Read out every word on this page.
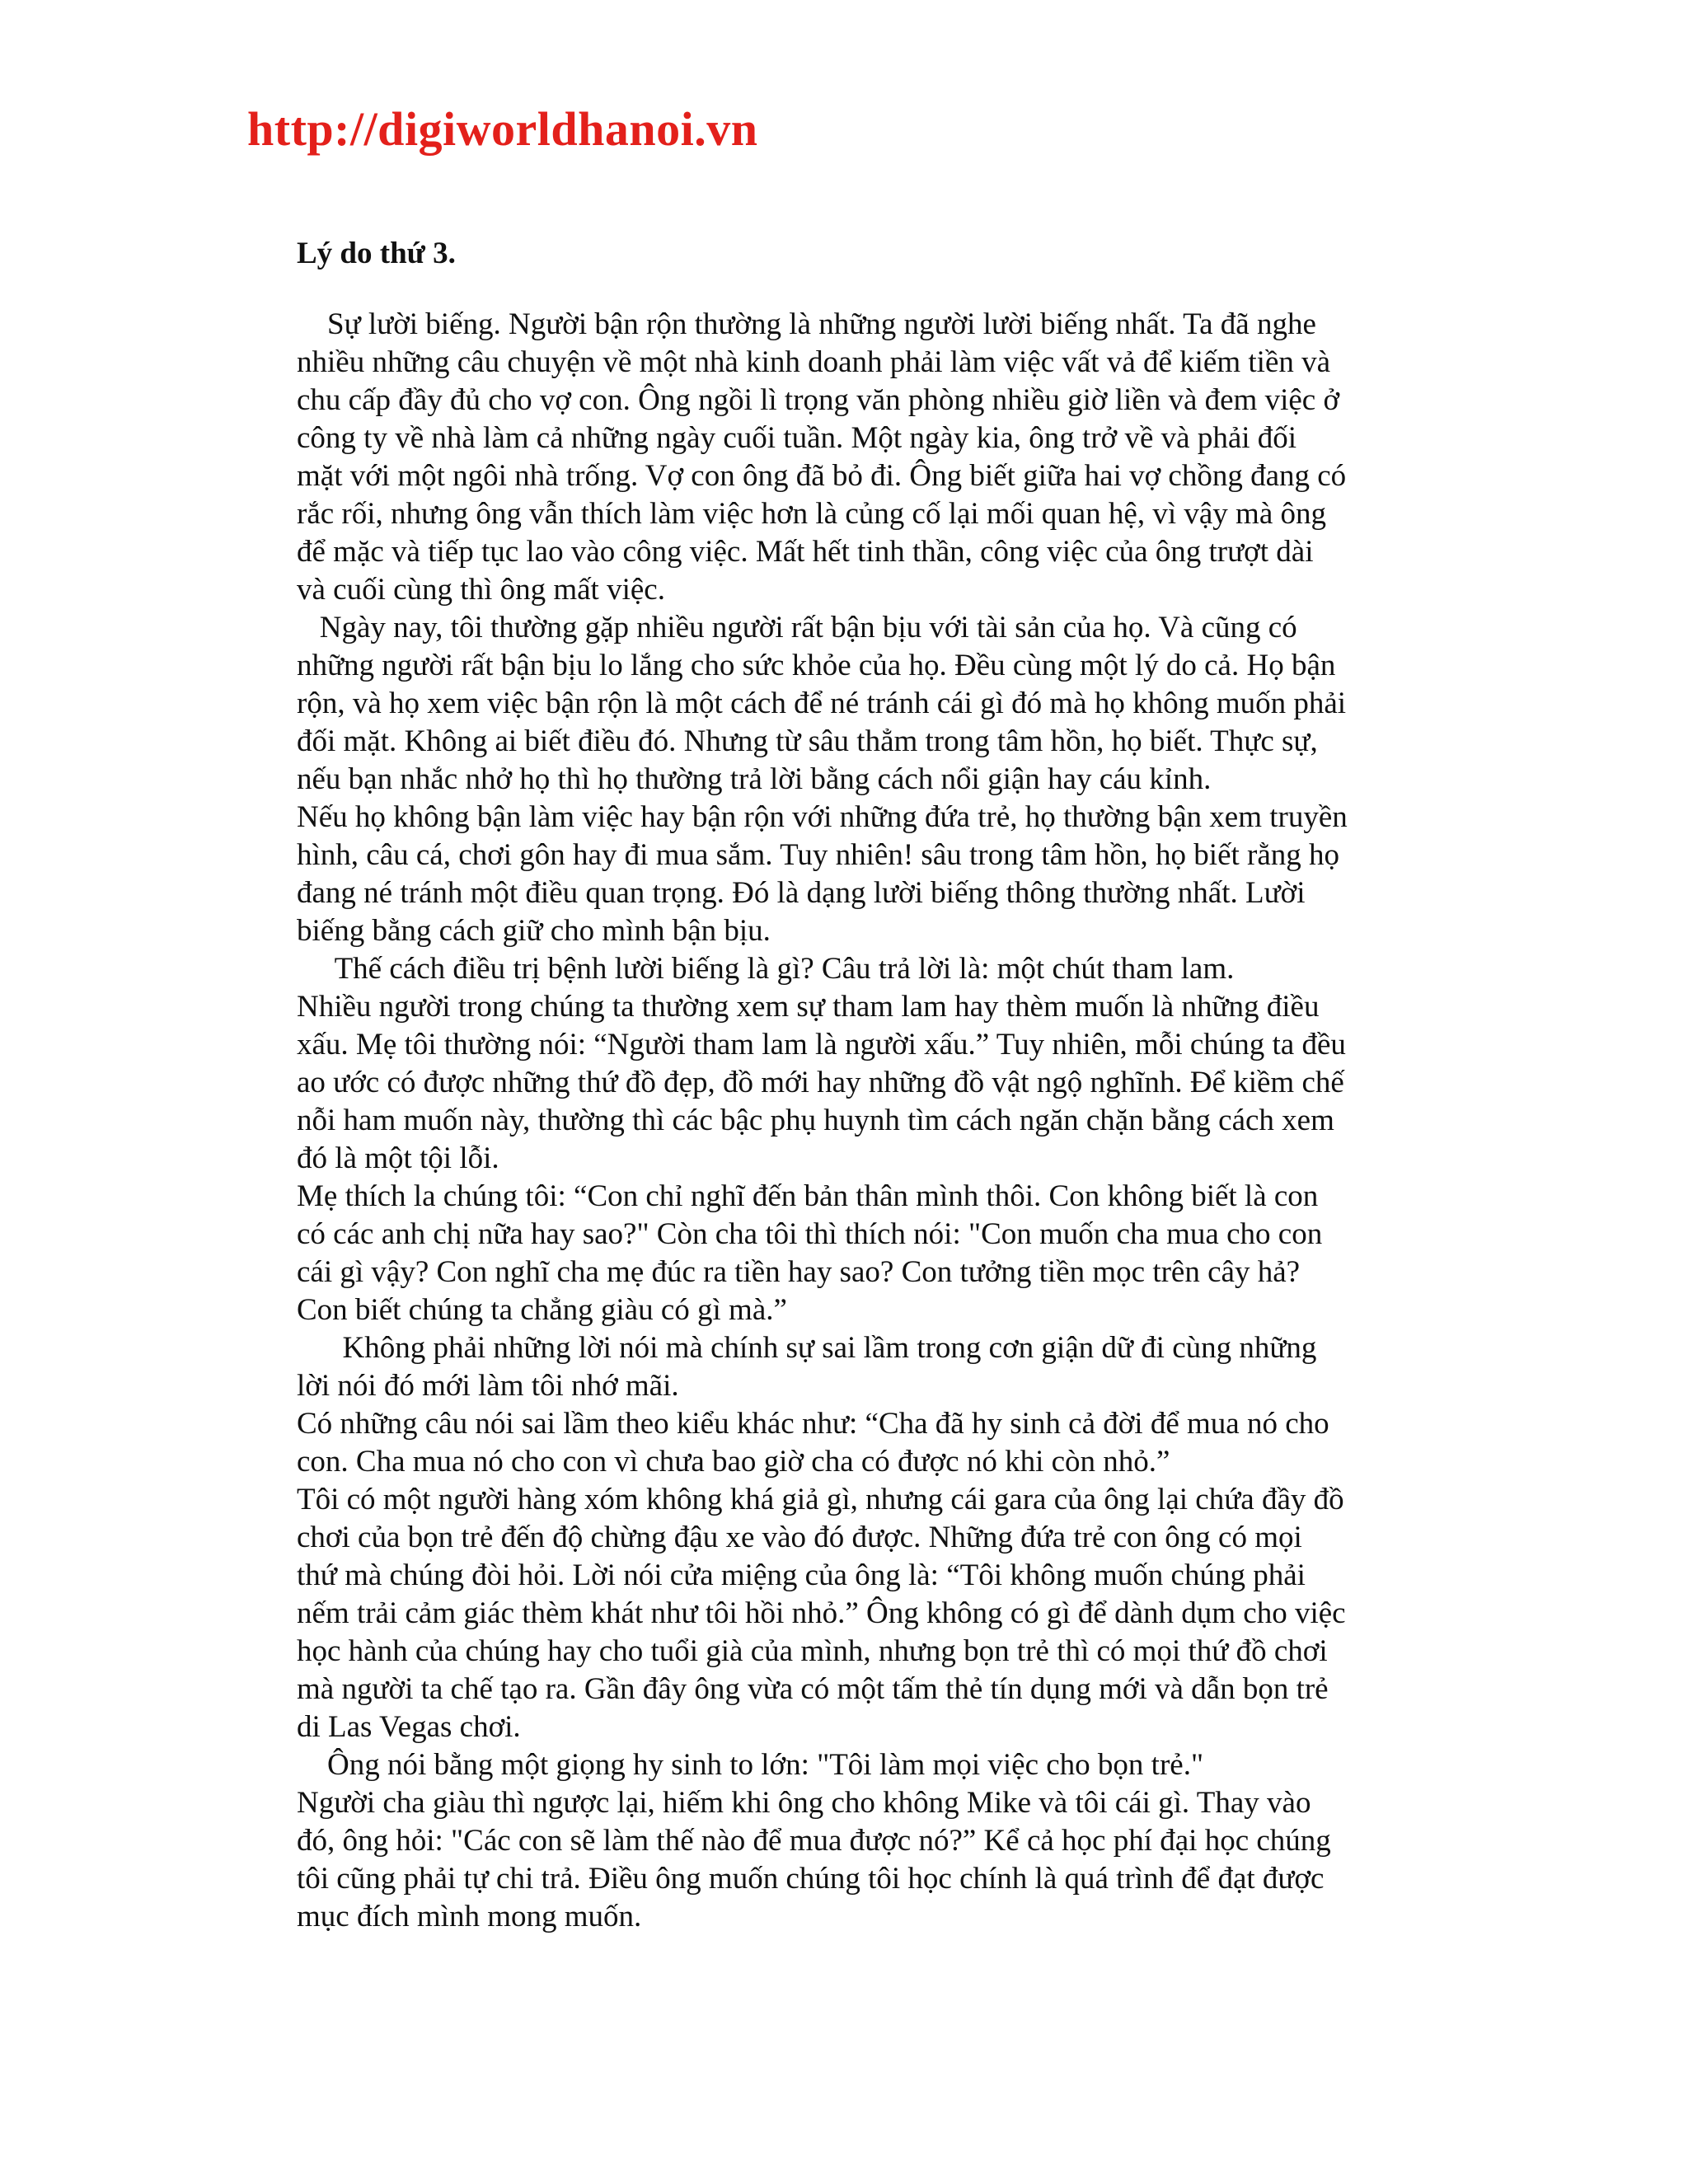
http://digiworldhanoi.vn
Lý do thứ 3.
Sự lười biếng. Người bận rộn thường là những người lười biếng nhất. Ta đã nghe
nhiều những câu chuyện về một nhà kinh doanh phải làm việc vất vả để kiếm tiền và
chu cấp đầy đủ cho vợ con. Ông ngồi lì trọng văn phòng nhiều giờ liền và đem việc ở
công ty về nhà làm cả những ngày cuối tuần. Một ngày kia, ông trở về và phải đối
mặt với một ngôi nhà trống. Vợ con ông đã bỏ đi. Ông biết giữa hai vợ chồng đang có
rắc rối, nhưng ông vẫn thích làm việc hơn là củng cố lại mối quan hệ, vì vậy mà ông
để mặc và tiếp tục lao vào công việc. Mất hết tinh thần, công việc của ông trượt dài
và cuối cùng thì ông mất việc.
Ngày nay, tôi thường gặp nhiều người rất bận bịu với tài sản của họ. Và cũng có
những người rất bận bịu lo lắng cho sức khỏe của họ. Đều cùng một lý do cả. Họ bận
rộn, và họ xem việc bận rộn là một cách để né tránh cái gì đó mà họ không muốn phải
đối mặt. Không ai biết điều đó. Nhưng từ sâu thẳm trong tâm hồn, họ biết. Thực sự,
nếu bạn nhắc nhở họ thì họ thường trả lời bằng cách nổi giận hay cáu kỉnh.
Nếu họ không bận làm việc hay bận rộn với những đứa trẻ, họ thường bận xem truyền
hình, câu cá, chơi gôn hay đi mua sắm. Tuy nhiên! sâu trong tâm hồn, họ biết rằng họ
đang né tránh một điều quan trọng. Đó là dạng lười biếng thông thường nhất. Lười
biếng bằng cách giữ cho mình bận bịu.
Thế cách điều trị bệnh lười biếng là gì? Câu trả lời là: một chút tham lam.
Nhiều người trong chúng ta thường xem sự tham lam hay thèm muốn là những điều
xấu. Mẹ tôi thường nói: “Người tham lam là người xấu.” Tuy nhiên, mỗi chúng ta đều
ao ước có được những thứ đồ đẹp, đồ mới hay những đồ vật ngộ nghĩnh. Để kiềm chế
nỗi ham muốn này, thường thì các bậc phụ huynh tìm cách ngăn chặn bằng cách xem
đó là một tội lỗi.
Mẹ thích la chúng tôi: “Con chỉ nghĩ đến bản thân mình thôi. Con không biết là con
có các anh chị nữa hay sao?" Còn cha tôi thì thích nói: "Con muốn cha mua cho con
cái gì vậy? Con nghĩ cha mẹ đúc ra tiền hay sao? Con tưởng tiền mọc trên cây hả?
Con biết chúng ta chẳng giàu có gì mà.”
Không phải những lời nói mà chính sự sai lầm trong cơn giận dữ đi cùng những
lời nói đó mới làm tôi nhớ mãi.
Có những câu nói sai lầm theo kiểu khác như: “Cha đã hy sinh cả đời để mua nó cho
con. Cha mua nó cho con vì chưa bao giờ cha có được nó khi còn nhỏ.”
Tôi có một người hàng xóm không khá giả gì, nhưng cái gara của ông lại chứa đầy đồ
chơi của bọn trẻ đến độ chừng đậu xe vào đó được. Những đứa trẻ con ông có mọi
thứ mà chúng đòi hỏi. Lời nói cửa miệng của ông là: “Tôi không muốn chúng phải
nếm trải cảm giác thèm khát như tôi hồi nhỏ.” Ông không có gì để dành dụm cho việc
học hành của chúng hay cho tuổi già của mình, nhưng bọn trẻ thì có mọi thứ đồ chơi
mà người ta chế tạo ra. Gần đây ông vừa có một tấm thẻ tín dụng mới và dẫn bọn trẻ
di Las Vegas chơi.
Ông nói bằng một giọng hy sinh to lớn: "Tôi làm mọi việc cho bọn trẻ."
Người cha giàu thì ngược lại, hiếm khi ông cho không Mike và tôi cái gì. Thay vào
đó, ông hỏi: "Các con sẽ làm thế nào để mua được nó?” Kể cả học phí đại học chúng
tôi cũng phải tự chi trả. Điều ông muốn chúng tôi học chính là quá trình để đạt được
mục đích mình mong muốn.
